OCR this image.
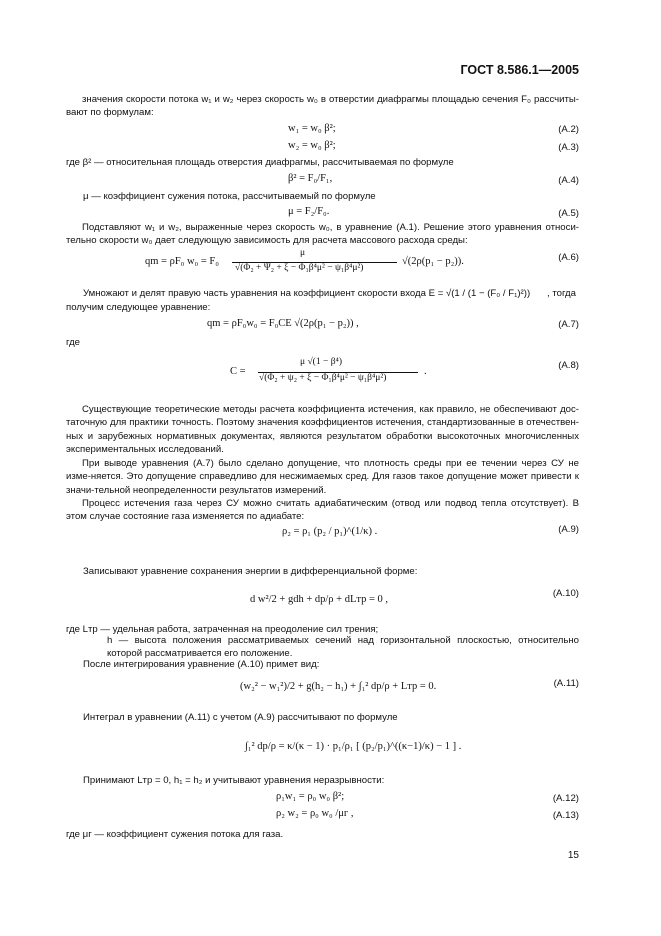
ГОСТ 8.586.1—2005
значения скорости потока w₁ и w₂ через скорость w₀ в отверстии диафрагмы площадью сечения F₀ рассчиты-вают по формулам:
w₁ = w₀ β²;	(А.2)
w₂ = w₀ β²;	(А.3)
где β² — относительная площадь отверстия диафрагмы, рассчитываемая по формуле
β² = F₀/F₁,	(А.4)
μ — коэффициент сужения потока, рассчитываемый по формуле
μ = F₂/F₀.	(А.5)
Подставляют w₁ и w₂, выраженные через скорость w₀, в уравнение (А.1). Решение этого уравнения относи-тельно скорости w₀ дает следующую зависимость для расчета массового расхода среды:
qm = ρF₀ w₀ = F₀
μ
√(Φ₂ + Ψ₂ + ξ − Φ₁β⁴μ² − ψ₁β⁴μ²)
√(2ρ(p₁ − p₂)).	(А.6)
Умножают и делят правую часть уравнения на коэффициент скорости входа E = √(1 / (1 − (F₀ / F₁)²)) , тогда
получим следующее уравнение:
qm = ρF₀w₀ = F₀CE √(2ρ(p₁ − p₂)) ,	(А.7)
где
C =
μ √(1 − β⁴)
√(Φ₂ + ψ₂ + ξ − Φ₁β⁴μ² − ψ₁β⁴μ²)
.
(А.8)
Существующие теоретические методы расчета коэффициента истечения, как правило, не обеспечивают дос-таточную для практики точность. Поэтому значения коэффициентов истечения, стандартизованные в отечествен-ных и зарубежных нормативных документах, являются результатом обработки высокоточных многочисленных экспериментальных исследований.
При выводе уравнения (А.7) было сделано допущение, что плотность среды при ее течении через СУ не изме-няется. Это допущение справедливо для несжимаемых сред. Для газов такое допущение может привести к значи-тельной неопределенности результатов измерений.
Процесс истечения газа через СУ можно считать адиабатическим (отвод или подвод тепла отсутствует). В этом случае состояние газа изменяется по адиабате:
ρ₂ = ρ₁ (p₂ / p₁)^(1/κ) .	(А.9)
Записывают уравнение сохранения энергии в дифференциальной форме:
d w²/2 + gdh + dp/ρ + dLтр = 0 ,
(А.10)
где Lтр — удельная работа, затраченная на преодоление сил трения;
h — высота положения рассматриваемых сечений над горизонтальной плоскостью, относительно которой рассматривается его положение.
После интегрирования уравнение (А.10) примет вид:
(w₂² − w₁²)/2 + g(h₂ − h₁) + ∫₁² dp/ρ + Lтр = 0.	(А.11)
Интеграл в уравнении (А.11) с учетом (А.9) рассчитывают по формуле
∫₁² dp/ρ = κ/(κ − 1) · p₁/ρ₁ [ (p₂/p₁)^((κ−1)/κ) − 1 ] .
Принимают Lтр = 0, h₁ = h₂ и учитывают уравнения неразрывности:
ρ₁w₁ = ρ₀ w₀ β²;	(А.12)
ρ₂ w₂ = ρ₀ w₀ /μг ,	(А.13)
где μг — коэффициент сужения потока для газа.
15
